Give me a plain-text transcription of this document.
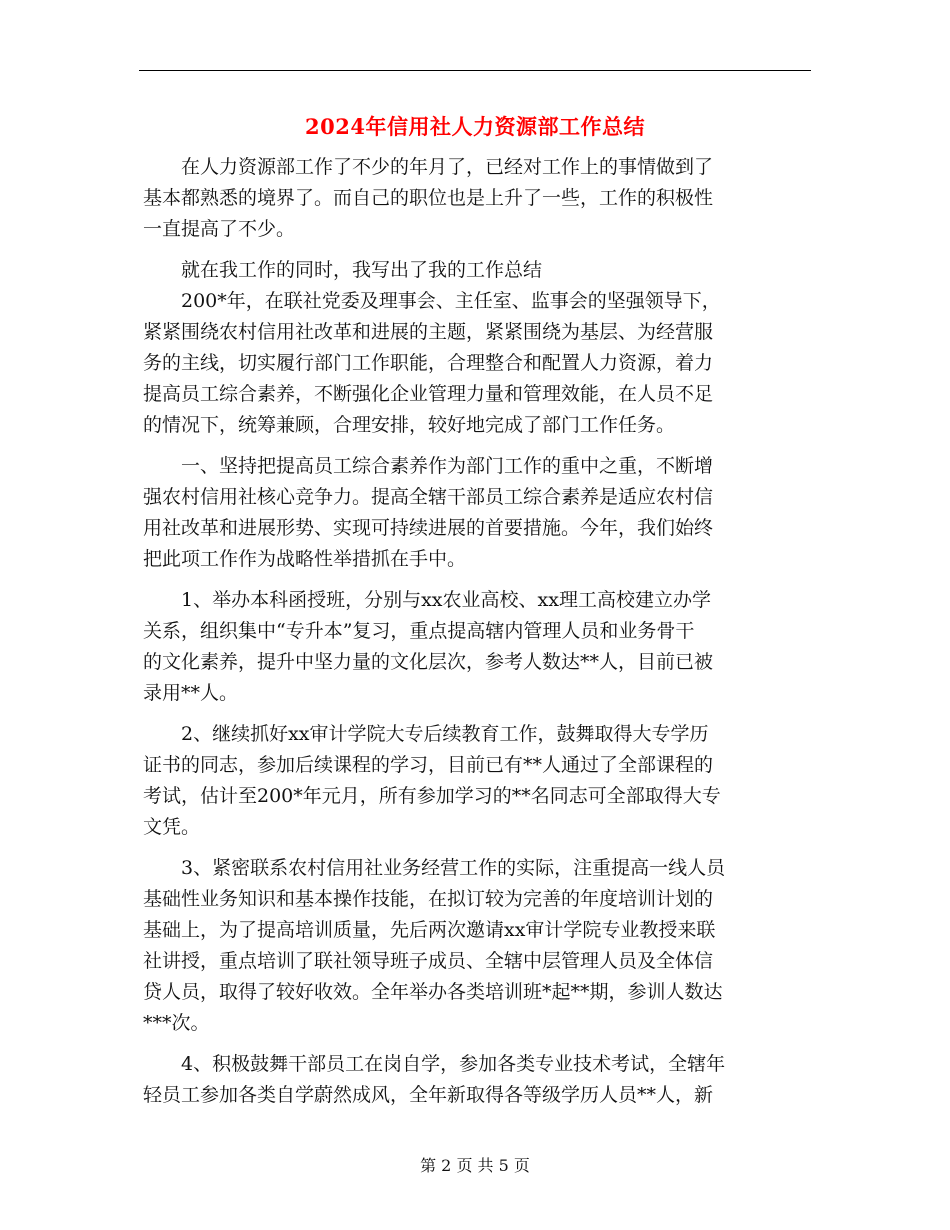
2024年信用社人力资源部工作总结

在人力资源部工作了不少的年月了，已经对工作上的事情做到了
基本都熟悉的境界了。而自己的职位也是上升了一些，工作的积极性
一直提高了不少。

就在我工作的同时，我写出了我的工作总结

200*年，在联社党委及理事会、主任室、监事会的坚强领导下，
紧紧围绕农村信用社改革和进展的主题，紧紧围绕为基层、为经营服
务的主线，切实履行部门工作职能，合理整合和配置人力资源，着力
提高员工综合素养，不断强化企业管理力量和管理效能，在人员不足
的情况下，统筹兼顾，合理安排，较好地完成了部门工作任务。

一、坚持把提高员工综合素养作为部门工作的重中之重，不断增
强农村信用社核心竞争力。提高全辖干部员工综合素养是适应农村信
用社改革和进展形势、实现可持续进展的首要措施。今年，我们始终
把此项工作作为战略性举措抓在手中。

1、举办本科函授班，分别与xx农业高校、xx理工高校建立办学
关系，组织集中“专升本”复习，重点提高辖内管理人员和业务骨干
的文化素养，提升中坚力量的文化层次，参考人数达**人，目前已被
录用**人。

2、继续抓好xx审计学院大专后续教育工作，鼓舞取得大专学历
证书的同志，参加后续课程的学习，目前已有**人通过了全部课程的
考试，估计至200*年元月，所有参加学习的**名同志可全部取得大专
文凭。

3、紧密联系农村信用社业务经营工作的实际，注重提高一线人员
基础性业务知识和基本操作技能，在拟订较为完善的年度培训计划的
基础上，为了提高培训质量，先后两次邀请xx审计学院专业教授来联
社讲授，重点培训了联社领导班子成员、全辖中层管理人员及全体信
贷人员，取得了较好收效。全年举办各类培训班*起**期，参训人数达
***次。

4、积极鼓舞干部员工在岗自学，参加各类专业技术考试，全辖年
轻员工参加各类自学蔚然成风，全年新取得各等级学历人员**人，新

第 2 页 共 5 页
